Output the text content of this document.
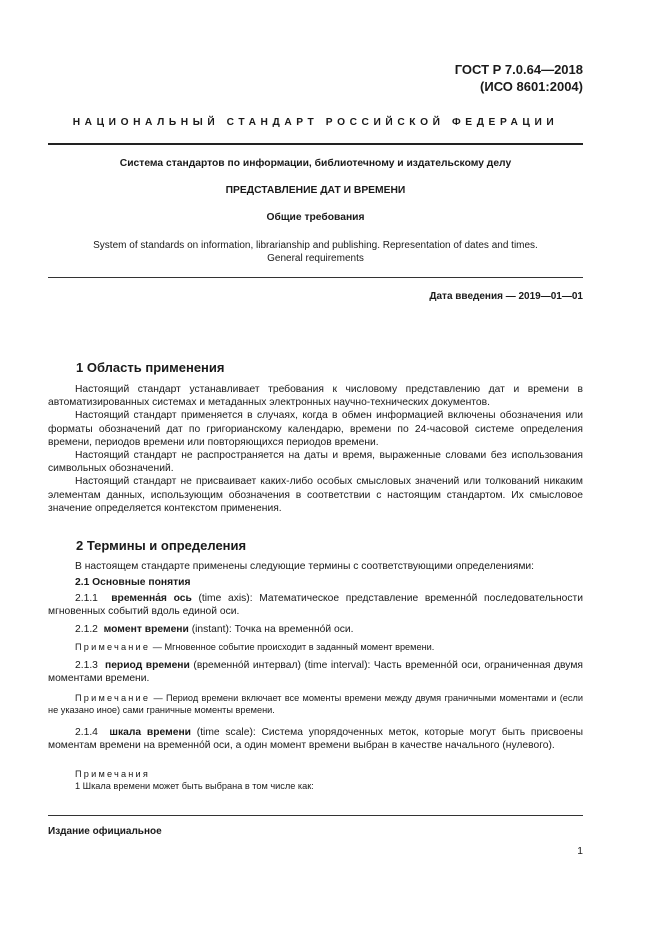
ГОСТ Р 7.0.64—2018
(ИСО 8601:2004)
НАЦИОНАЛЬНЫЙ СТАНДАРТ РОССИЙСКОЙ ФЕДЕРАЦИИ
Система стандартов по информации, библиотечному и издательскому делу
ПРЕДСТАВЛЕНИЕ ДАТ И ВРЕМЕНИ
Общие требования
System of standards on information, librarianship and publishing. Representation of dates and times.
General requirements
Дата введения — 2019—01—01
1 Область применения

Настоящий стандарт устанавливает требования к числовому представлению дат и времени в автоматизированных системах и метаданных электронных научно-технических документов.

Настоящий стандарт применяется в случаях, когда в обмен информацией включены обозначения или форматы обозначений дат по григорианскому календарю, времени по 24-часовой системе определения времени, периодов времени или повторяющихся периодов времени.

Настоящий стандарт не распространяется на даты и время, выраженные словами без использования символьных обозначений.

Настоящий стандарт не присваивает каких-либо особых смысловых значений или толкований никаким элементам данных, использующим обозначения в соответствии с настоящим стандартом. Их смысловое значение определяется контекстом применения.

2 Термины и определения
В настоящем стандарте применены следующие термины с соответствующими определениями:
2.1 Основные понятия

2.1.1 временна́я ось (time axis): Математическое представление временно́й последовательности мгновенных событий вдоль единой оси.

2.1.2 момент времени (instant): Точка на временно́й оси.

Примечание — Мгновенное событие происходит в заданный момент времени.

2.1.3 период времени (временно́й интервал) (time interval): Часть временно́й оси, ограниченная двумя моментами времени.

Примечание — Период времени включает все моменты времени между двумя граничными моментами и (если не указано иное) сами граничные моменты времени.

2.1.4 шкала времени (time scale): Система упорядоченных меток, которые могут быть присвоены моментам времени на временно́й оси, а один момент времени выбран в качестве начального (нулевого).

Примечания
1 Шкала времени может быть выбрана в том числе как:
Издание официальное
1
